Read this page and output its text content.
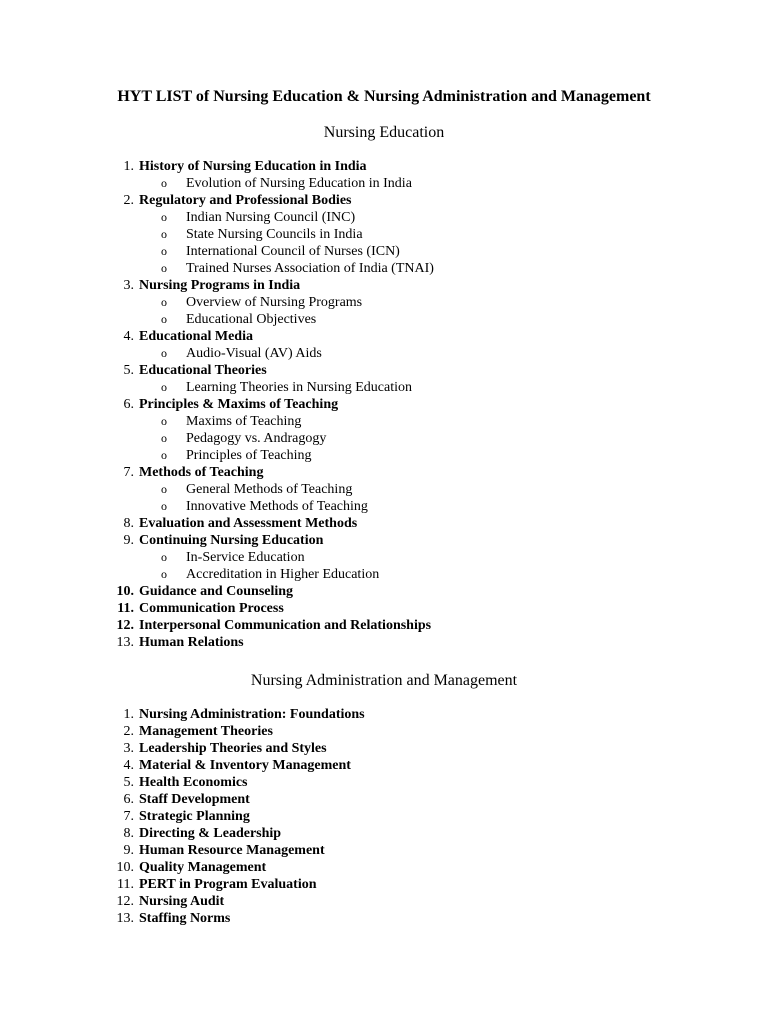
HYT LIST of Nursing Education & Nursing Administration and Management
Nursing Education
1. History of Nursing Education in India
o Evolution of Nursing Education in India
2. Regulatory and Professional Bodies
o Indian Nursing Council (INC)
o State Nursing Councils in India
o International Council of Nurses (ICN)
o Trained Nurses Association of India (TNAI)
3. Nursing Programs in India
o Overview of Nursing Programs
o Educational Objectives
4. Educational Media
o Audio-Visual (AV) Aids
5. Educational Theories
o Learning Theories in Nursing Education
6. Principles & Maxims of Teaching
o Maxims of Teaching
o Pedagogy vs. Andragogy
o Principles of Teaching
7. Methods of Teaching
o General Methods of Teaching
o Innovative Methods of Teaching
8. Evaluation and Assessment Methods
9. Continuing Nursing Education
o In-Service Education
o Accreditation in Higher Education
10. Guidance and Counseling
11. Communication Process
12. Interpersonal Communication and Relationships
13. Human Relations
Nursing Administration and Management
1. Nursing Administration: Foundations
2. Management Theories
3. Leadership Theories and Styles
4. Material & Inventory Management
5. Health Economics
6. Staff Development
7. Strategic Planning
8. Directing & Leadership
9. Human Resource Management
10. Quality Management
11. PERT in Program Evaluation
12. Nursing Audit
13. Staffing Norms
